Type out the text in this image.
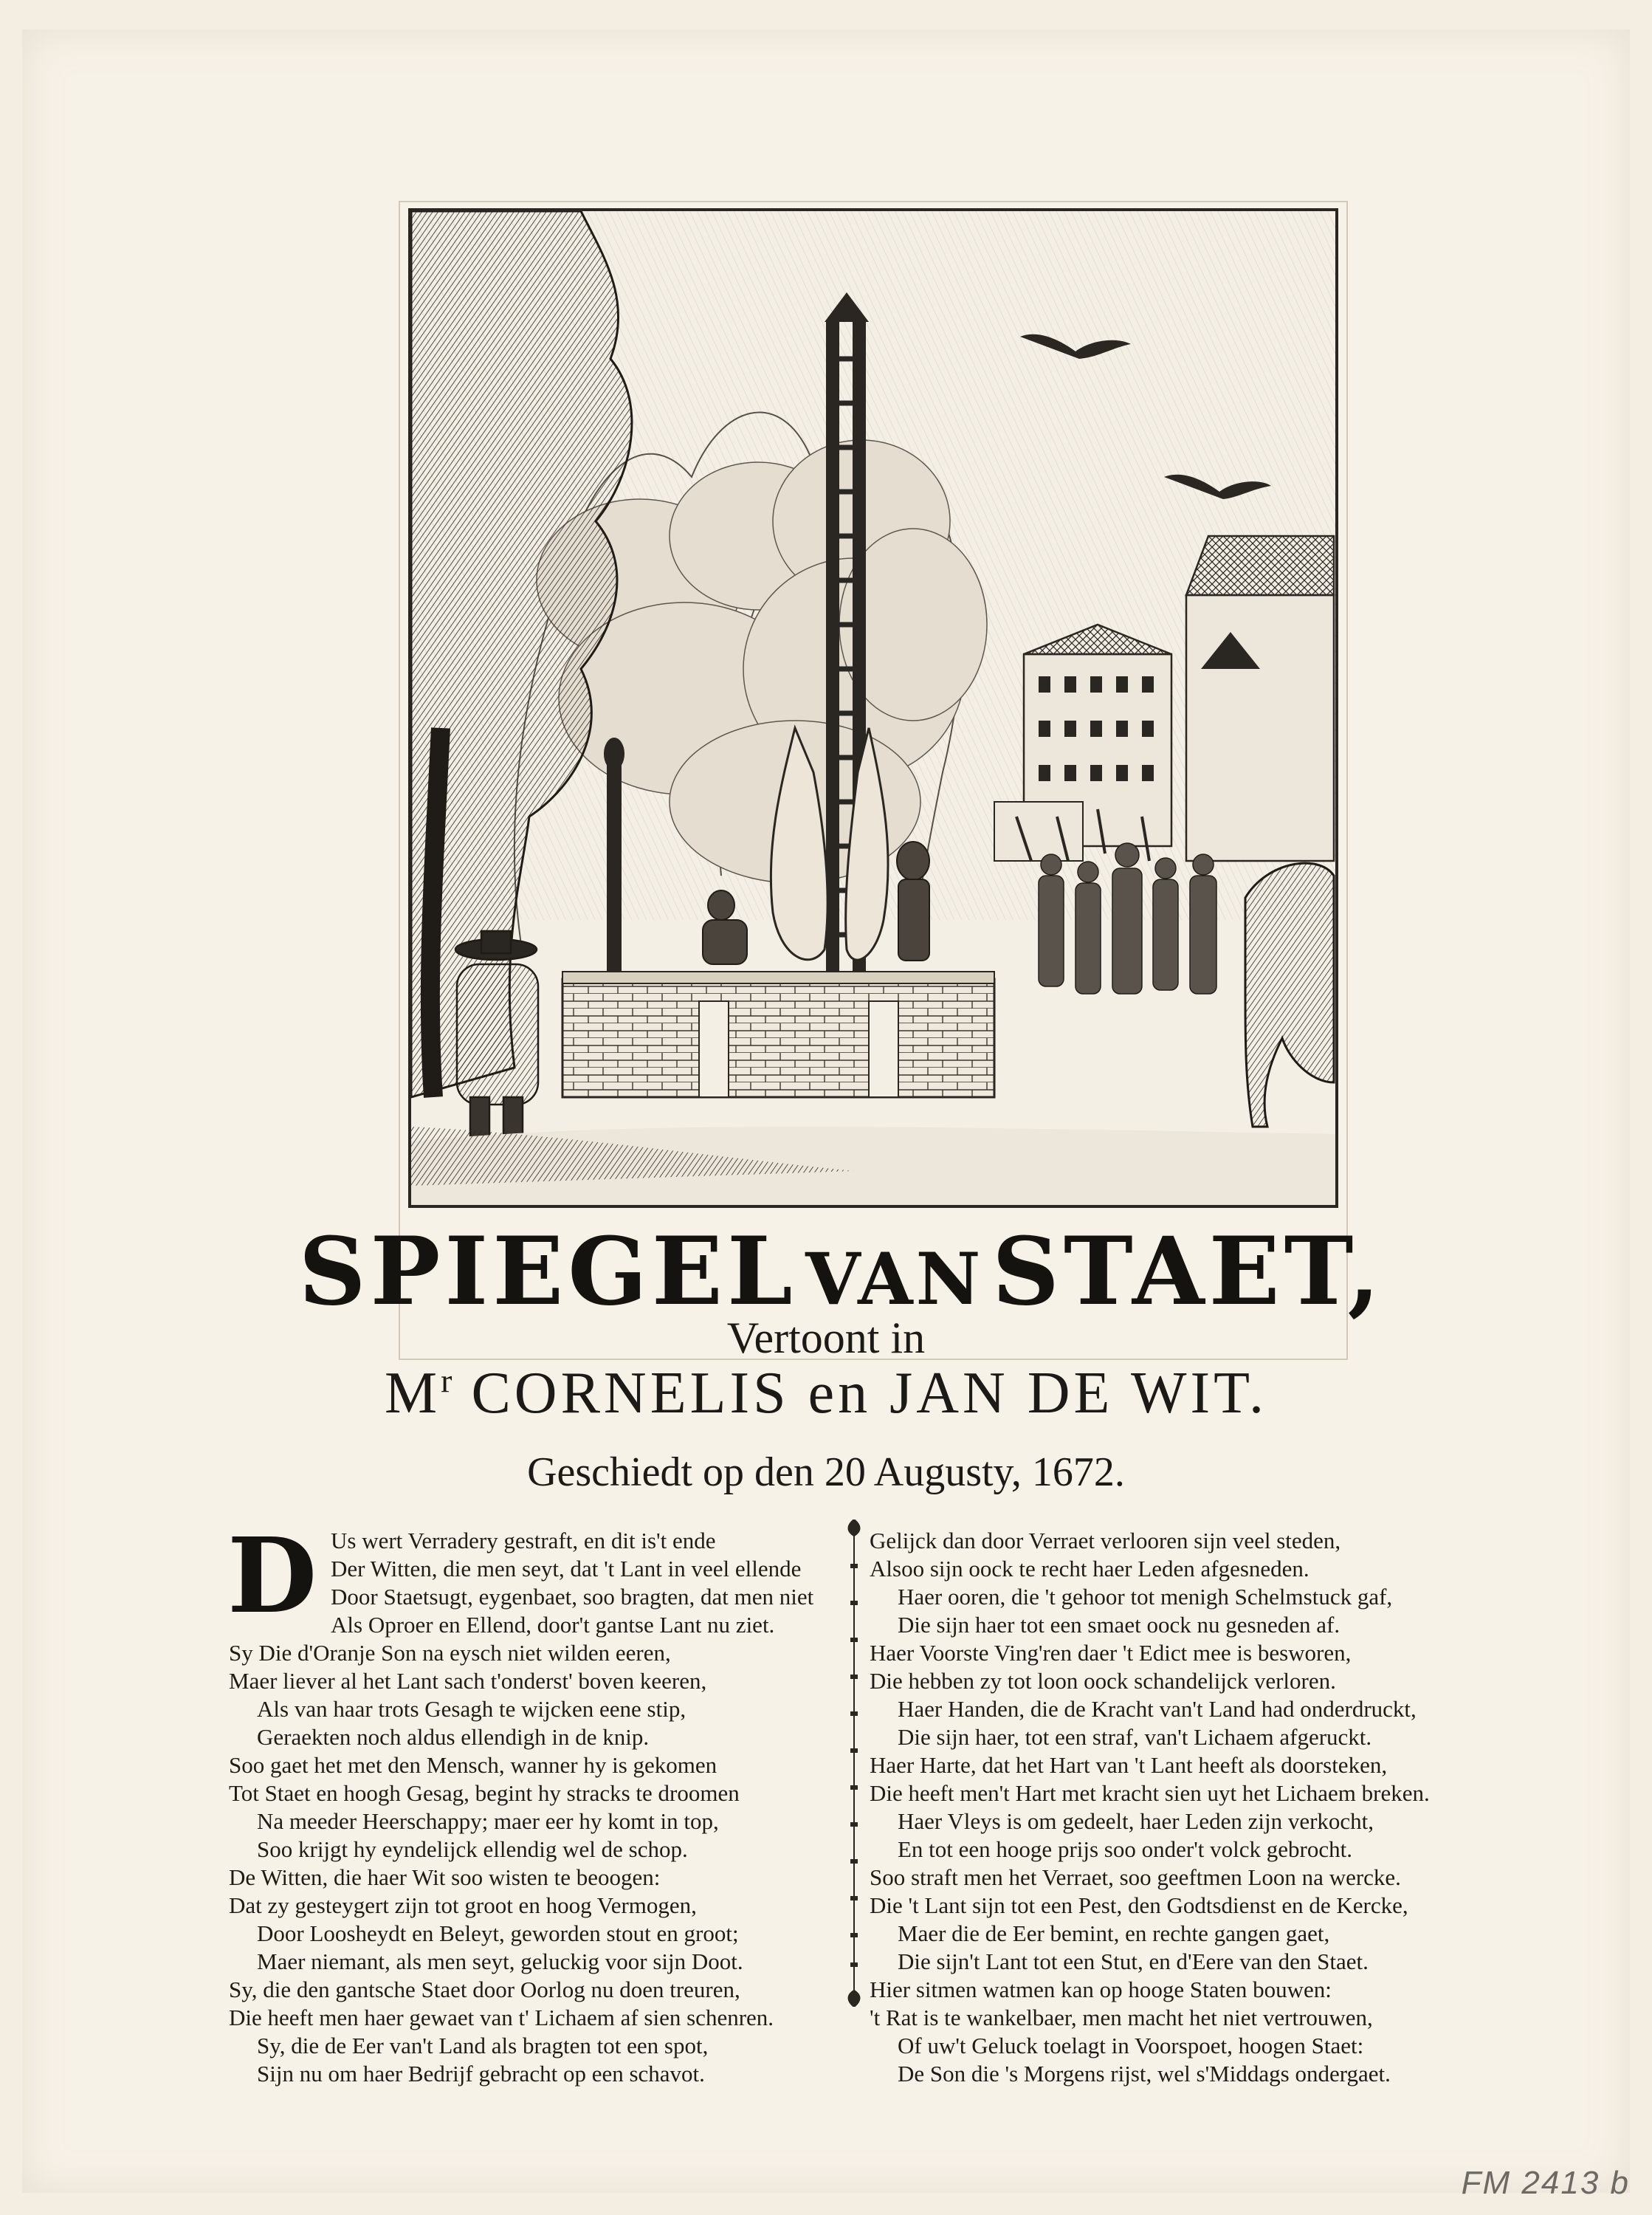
SPIEGEL VAN STAET,
Vertoont in
$M^r$ CORNELIS en JAN DE WIT.
Geschiedt op den 20 Augusty, 1672.
D Us wert Verradery gestraft, en dit is't ende
Der Witten, die men seyt, dat 't Lant in veel ellende
Door Staetsugt, eygenbaet, soo bragten, dat men niet
Als Oproer en Ellend, door't gantse Lant nu ziet.
Sy Die d'Oranje Son na eysch niet wilden eeren,
Maer liever al het Lant sach t'onderst' boven keeren,
Als van haar trots Gesagh te wijcken eene stip,
Geraekten noch aldus ellendigh in de knip.
Soo gaet het met den Mensch, wanner hy is gekomen
Tot Staet en hoogh Gesag, begint hy stracks te droomen
Na meeder Heerschappy; maer eer hy komt in top,
Soo krijgt hy eyndelijck ellendig wel de schop.
De Witten, die haer Wit soo wisten te beoogen:
Dat zy gesteygert zijn tot groot en hoog Vermogen,
Door Loosheydt en Beleyt, geworden stout en groot;
Maer niemant, als men seyt, geluckig voor sijn Doot.
Sy, die den gantsche Staet door Oorlog nu doen treuren,
Die heeft men haer gewaet van t' Lichaem af sien schenren.
Sy, die de Eer van't Land als bragten tot een spot,
Sijn nu om haer Bedrijf gebracht op een schavot.
Gelijck dan door Verraet verlooren sijn veel steden,
Alsoo sijn oock te recht haer Leden afgesneden.
Haer ooren, die 't gehoor tot menigh Schelmstuck gaf,
Die sijn haer tot een smaet oock nu gesneden af.
Haer Voorste Ving'ren daer 't Edict mee is besworen,
Die hebben zy tot loon oock schandelijck verloren.
Haer Handen, die de Kracht van't Land had onderdruckt,
Die sijn haer, tot een straf, van't Lichaem afgeruckt.
Haer Harte, dat het Hart van 't Lant heeft als doorsteken,
Die heeft men't Hart met kracht sien uyt het Lichaem breken.
Haer Vleys is om gedeelt, haer Leden zijn verkocht,
En tot een hooge prijs soo onder't volck gebrocht.
Soo straft men het Verraet, soo geeftmen Loon na wercke.
Die 't Lant sijn tot een Pest, den Godtsdienst en de Kercke,
Maer die de Eer bemint, en rechte gangen gaet,
Die sijn't Lant tot een Stut, en d'Eere van den Staet.
Hier sitmen watmen kan op hooge Staten bouwen:
't Rat is te wankelbaer, men macht het niet vertrouwen,
Of uw't Geluck toelagt in Voorspoet, hoogen Staet:
De Son die 's Morgens rijst, wel s'Middags ondergaet.
FM 2413 b
